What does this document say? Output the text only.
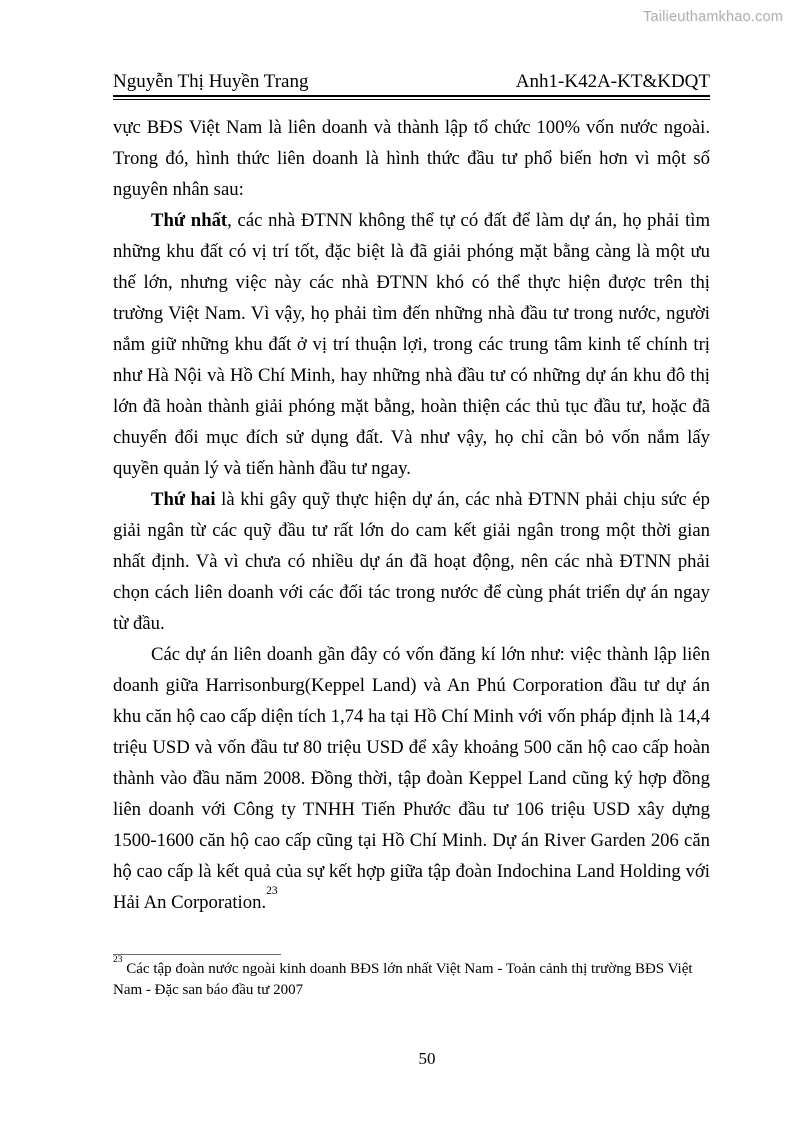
Tailieuthamkhao.com
Nguyễn Thị Huyền Trang	Anh1-K42A-KT&KDQT

vực BĐS Việt Nam là liên doanh và thành lập tổ chức 100% vốn nước ngoài. Trong đó, hình thức liên doanh là hình thức đầu tư phổ biến hơn vì một số nguyên nhân sau:

Thứ nhất, các nhà ĐTNN không thể tự có đất để làm dự án, họ phải tìm những khu đất có vị trí tốt, đặc biệt là đã giải phóng mặt bằng càng là một ưu thế lớn, nhưng việc này các nhà ĐTNN khó có thể thực hiện được trên thị trường Việt Nam. Vì vậy, họ phải tìm đến những nhà đầu tư trong nước, người nắm giữ những khu đất ở vị trí thuận lợi, trong các trung tâm kinh tế chính trị như Hà Nội và Hồ Chí Minh, hay những nhà đầu tư có những dự án khu đô thị lớn đã hoàn thành giải phóng mặt bằng, hoàn thiện các thủ tục đầu tư, hoặc đã chuyển đổi mục đích sử dụng đất. Và như vậy, họ chỉ cần bỏ vốn nắm lấy quyền quản lý và tiến hành đầu tư ngay.

Thứ hai là khi gây quỹ thực hiện dự án, các nhà ĐTNN phải chịu sức ép giải ngân từ các quỹ đầu tư rất lớn do cam kết giải ngân trong một thời gian nhất định. Và vì chưa có nhiều dự án đã hoạt động, nên các nhà ĐTNN phải chọn cách liên doanh với các đối tác trong nước để cùng phát triển dự án ngay từ đầu.

Các dự án liên doanh gần đây có vốn đăng kí lớn như: việc thành lập liên doanh giữa Harrisonburg(Keppel Land) và An Phú Corporation đầu tư dự án khu căn hộ cao cấp diện tích 1,74 ha tại Hồ Chí Minh với vốn pháp định là 14,4 triệu USD và vốn đầu tư 80 triệu USD để xây khoảng 500 căn hộ cao cấp hoàn thành vào đầu năm 2008. Đồng thời, tập đoàn Keppel Land cũng ký hợp đồng liên doanh với Công ty TNHH Tiến Phước đầu tư 106 triệu USD xây dựng 1500-1600 căn hộ cao cấp cũng tại Hồ Chí Minh. Dự án River Garden 206 căn hộ cao cấp là kết quả của sự kết hợp giữa tập đoàn Indochina Land Holding với Hải An Corporation.$^{23}$

$^{23}$ Các tập đoàn nước ngoài kinh doanh BĐS lớn nhất Việt Nam - Toản cảnh thị trường BĐS Việt Nam - Đặc san báo đầu tư 2007
50
